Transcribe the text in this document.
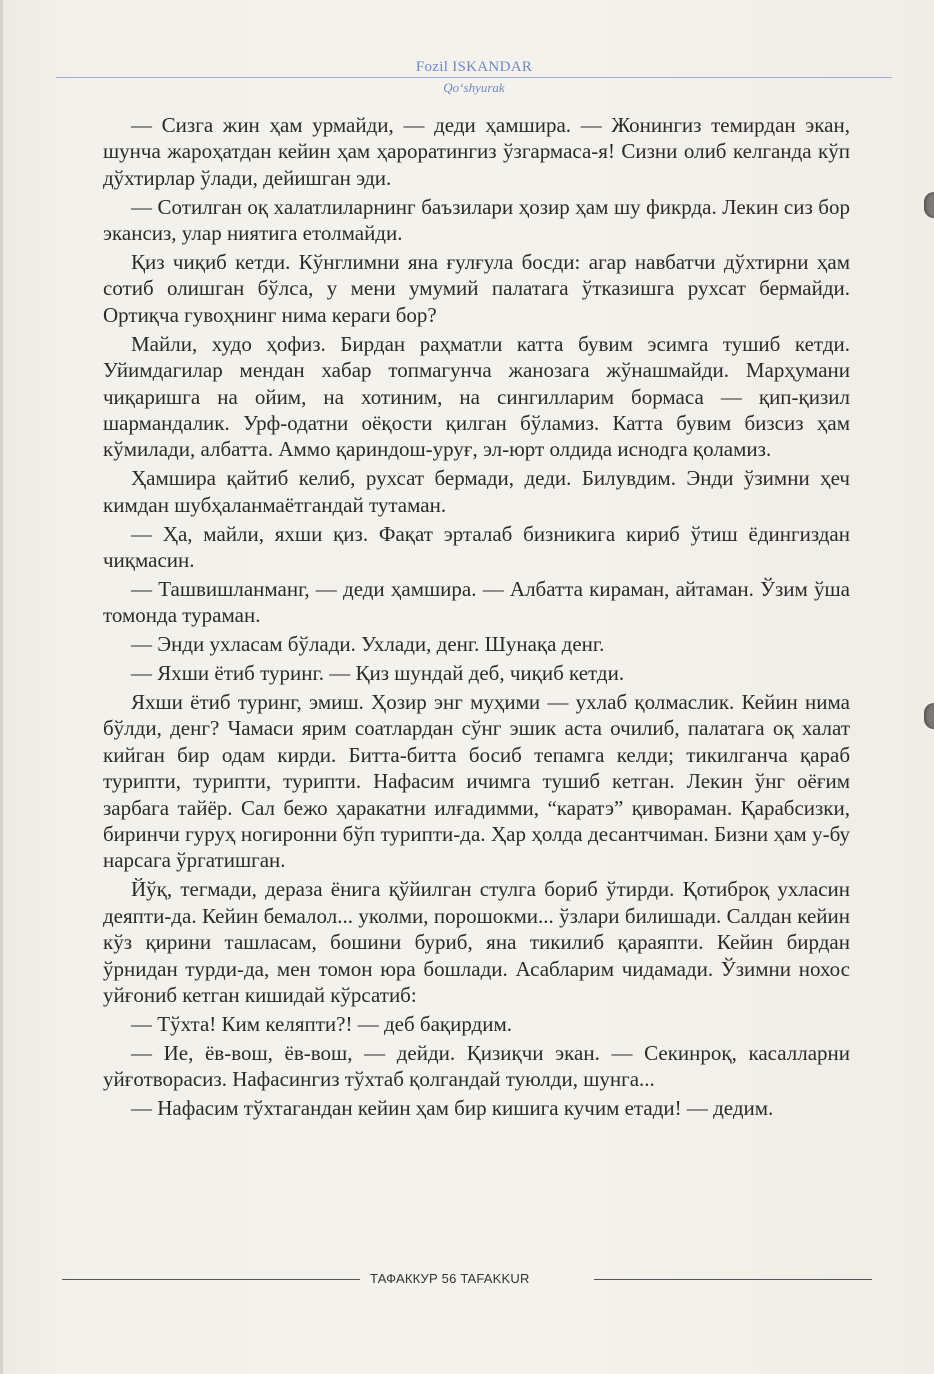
Fozil ISKANDAR
Qo‘shyurak

— Сизга жин ҳам урмайди, — деди ҳамшира. — Жонингиз темирдан экан, шунча жароҳатдан кейин ҳам ҳароратингиз ўзгармаса-я! Сизни олиб келганда кўп дўхтирлар ўлади, дейишган эди.

— Сотилган оқ халатлиларнинг баъзилари ҳозир ҳам шу фикрда. Лекин сиз бор экансиз, улар ниятига етолмайди.

Қиз чиқиб кетди. Кўнглимни яна ғулғула босди: агар навбатчи дўхтирни ҳам сотиб олишган бўлса, у мени умумий палатага ўтказишга рухсат бермайди. Ортиқча гувоҳнинг нима кераги бор?

Майли, худо ҳофиз. Бирдан раҳматли катта бувим эсимга тушиб кетди. Уйимдагилар мендан хабар топмагунча жанозага жўнашмайди. Марҳумани чиқаришга на ойим, на хотиним, на сингилларим бормаса — қип-қизил шармандалик. Урф-одатни оёқости қилган бўламиз. Катта бувим бизсиз ҳам кўмилади, албатта. Аммо қариндош-уруғ, эл-юрт олдида иснодга қоламиз.

Ҳамшира қайтиб келиб, рухсат бермади, деди. Билувдим. Энди ўзимни ҳеч кимдан шубҳаланмаётгандай тутаман.

— Ҳа, майли, яхши қиз. Фақат эрталаб бизникига кириб ўтиш ёдингиздан чиқмасин.

— Ташвишланманг, — деди ҳамшира. — Албатта кираман, айтаман. Ўзим ўша томонда тураман.

— Энди ухласам бўлади. Ухлади, денг. Шунақа денг.

— Яхши ётиб туринг. — Қиз шундай деб, чиқиб кетди.

Яхши ётиб туринг, эмиш. Ҳозир энг муҳими — ухлаб қолмаслик. Кейин нима бўлди, денг? Чамаси ярим соатлардан сўнг эшик аста очилиб, палатага оқ халат кийган бир одам кирди. Битта-битта босиб тепамга келди; тикилганча қараб турипти, турипти, турипти. Нафасим ичимга тушиб кетган. Лекин ўнг оёғим зарбага тайёр. Сал бежо ҳаракатни илғадимми, “каратэ” қивораман. Қарабсизки, биринчи гуруҳ ногиронни бўп турипти-да. Ҳар ҳолда десантчиман. Бизни ҳам у-бу нарсага ўргатишган.

Йўқ, тегмади, дераза ёнига қўйилган стулга бориб ўтирди. Қотиброқ ухласин деяпти-да. Кейин бемалол... уколми, порошокми... ўзлари билишади. Салдан кейин кўз қирини ташласам, бошини буриб, яна тикилиб қараяпти. Кейин бирдан ўрнидан турди-да, мен томон юра бошлади. Асабларим чидамади. Ўзимни нохос уйғониб кетган кишидай кўрсатиб:

— Тўхта! Ким келяпти?! — деб бақирдим.

— Ие, ёв-вош, ёв-вош, — дейди. Қизиқчи экан. — Секинроқ, касалларни уйғотворасиз. Нафасингиз тўхтаб қолгандай туюлди, шунга...

— Нафасим тўхтагандан кейин ҳам бир кишига кучим етади! — дедим.

ТАФАККУР 56 TAFAKKUR
